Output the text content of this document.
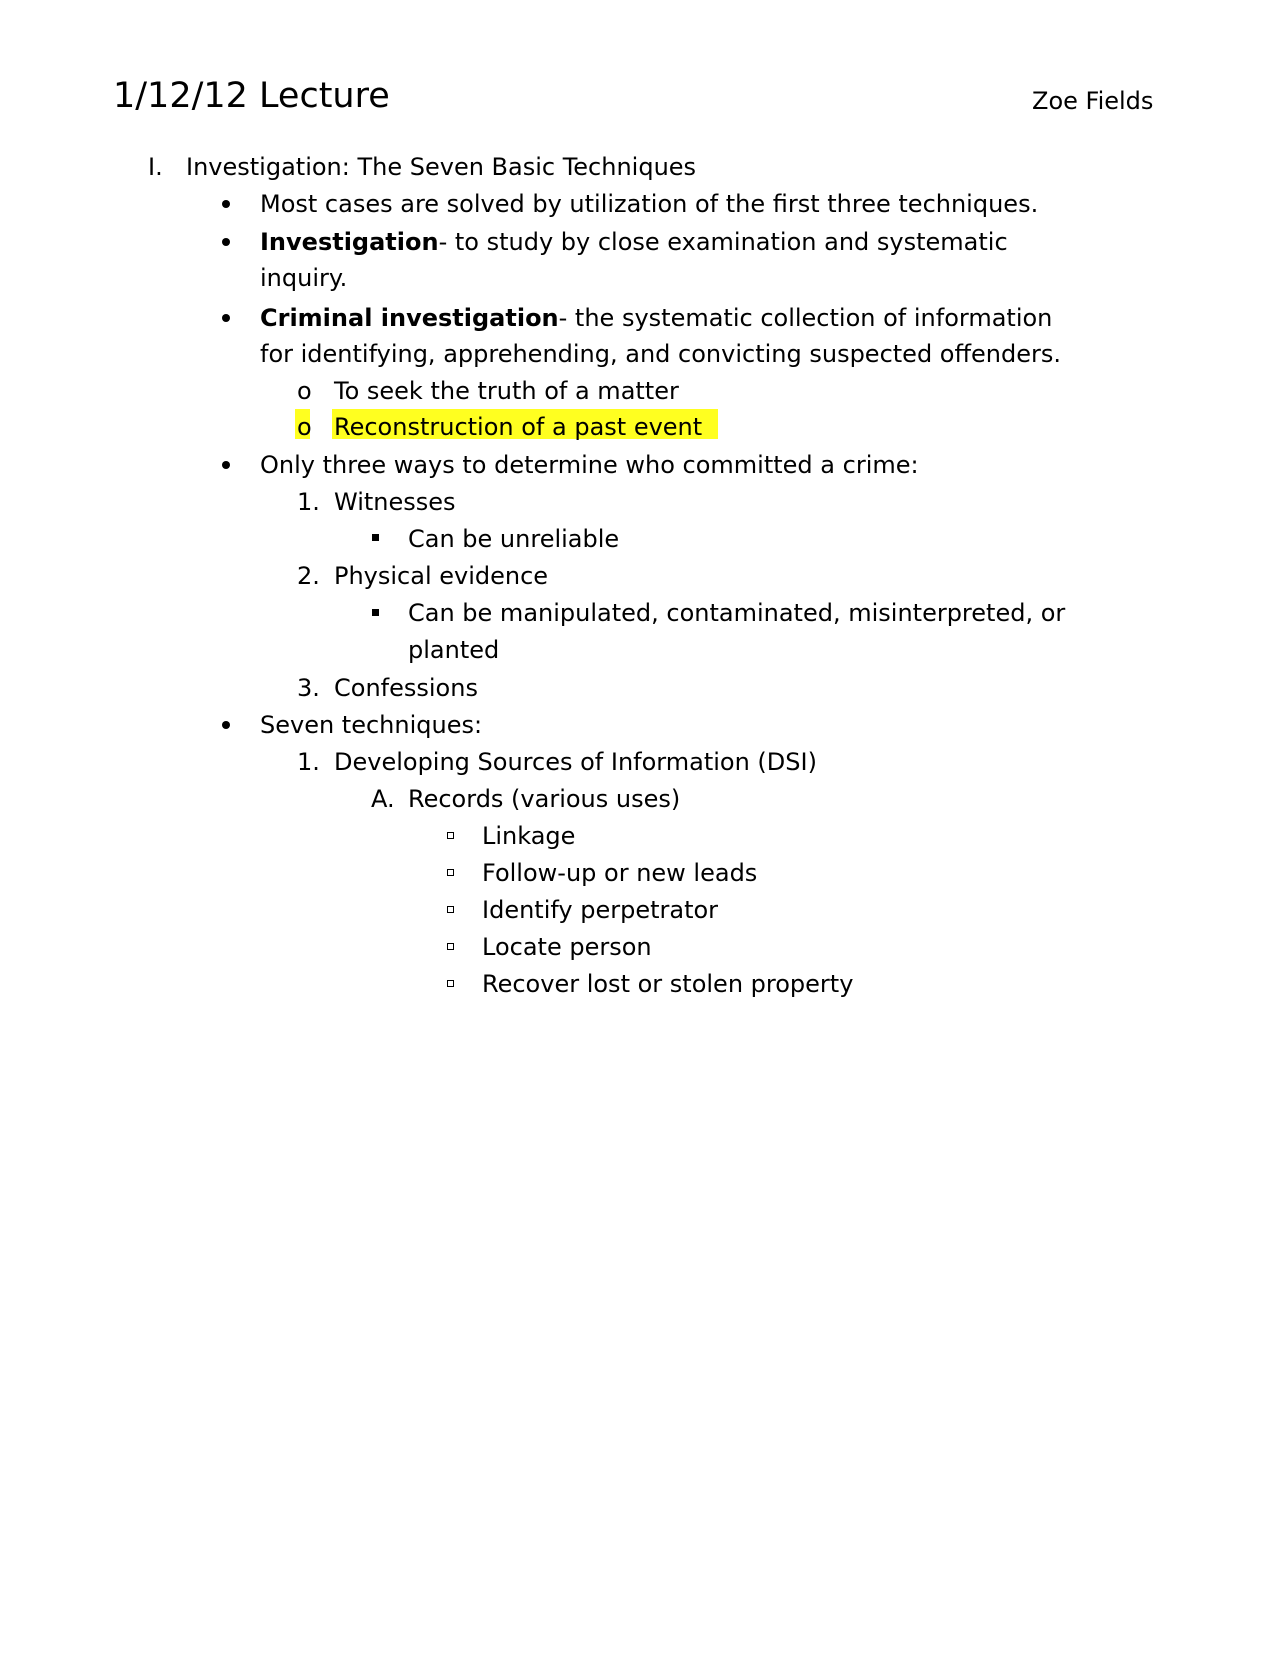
1/12/12 Lecture	Zoe Fields
I. Investigation: The Seven Basic Techniques
Most cases are solved by utilization of the first three techniques.
Investigation- to study by close examination and systematic
inquiry.
Criminal investigation- the systematic collection of information
for identifying, apprehending, and convicting suspected offenders.
o To seek the truth of a matter
o Reconstruction of a past event
Only three ways to determine who committed a crime:
1. Witnesses
Can be unreliable
2. Physical evidence
Can be manipulated, contaminated, misinterpreted, or
planted
3. Confessions
Seven techniques:
1. Developing Sources of Information (DSI)
A. Records (various uses)
Linkage
Follow-up or new leads
Identify perpetrator
Locate person
Recover lost or stolen property
